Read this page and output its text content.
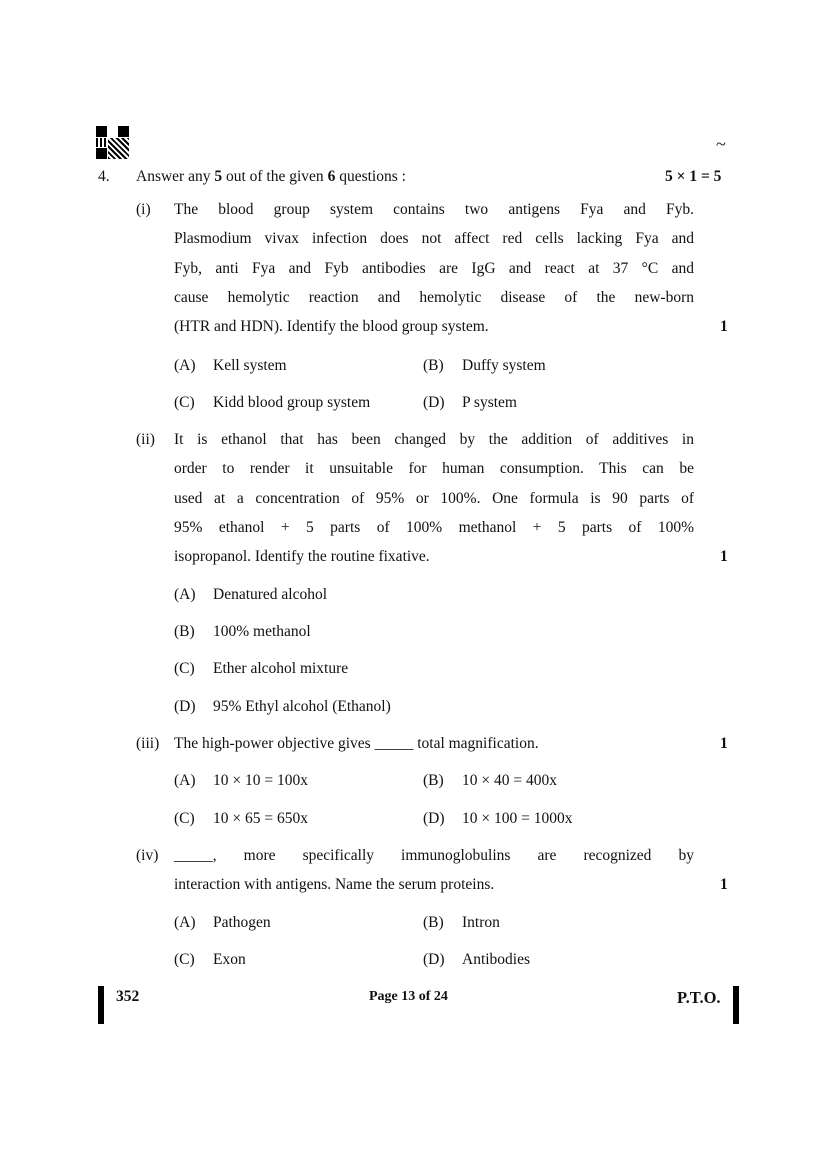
~
4. Answer any 5 out of the given 6 questions :	5 × 1 = 5
(i) The blood group system contains two antigens Fya and Fyb.
Plasmodium vivax infection does not affect red cells lacking Fya and
Fyb, anti Fya and Fyb antibodies are IgG and react at 37 °C and
cause hemolytic reaction and hemolytic disease of the new-born
(HTR and HDN). Identify the blood group system.	1
(A) Kell system	(B) Duffy system
(C) Kidd blood group system	(D) P system
(ii) It is ethanol that has been changed by the addition of additives in
order to render it unsuitable for human consumption. This can be
used at a concentration of 95% or 100%. One formula is 90 parts of
95% ethanol + 5 parts of 100% methanol + 5 parts of 100%
isopropanol. Identify the routine fixative.	1
(A) Denatured alcohol
(B) 100% methanol
(C) Ether alcohol mixture
(D) 95% Ethyl alcohol (Ethanol)
(iii) The high-power objective gives _____ total magnification.	1
(A) 10 × 10 = 100x	(B) 10 × 40 = 400x
(C) 10 × 65 = 650x	(D) 10 × 100 = 1000x
(iv) _____, more specifically immunoglobulins are recognized by
interaction with antigens. Name the serum proteins.	1
(A) Pathogen	(B) Intron
(C) Exon	(D) Antibodies
352	Page 13 of 24	P.T.O.
